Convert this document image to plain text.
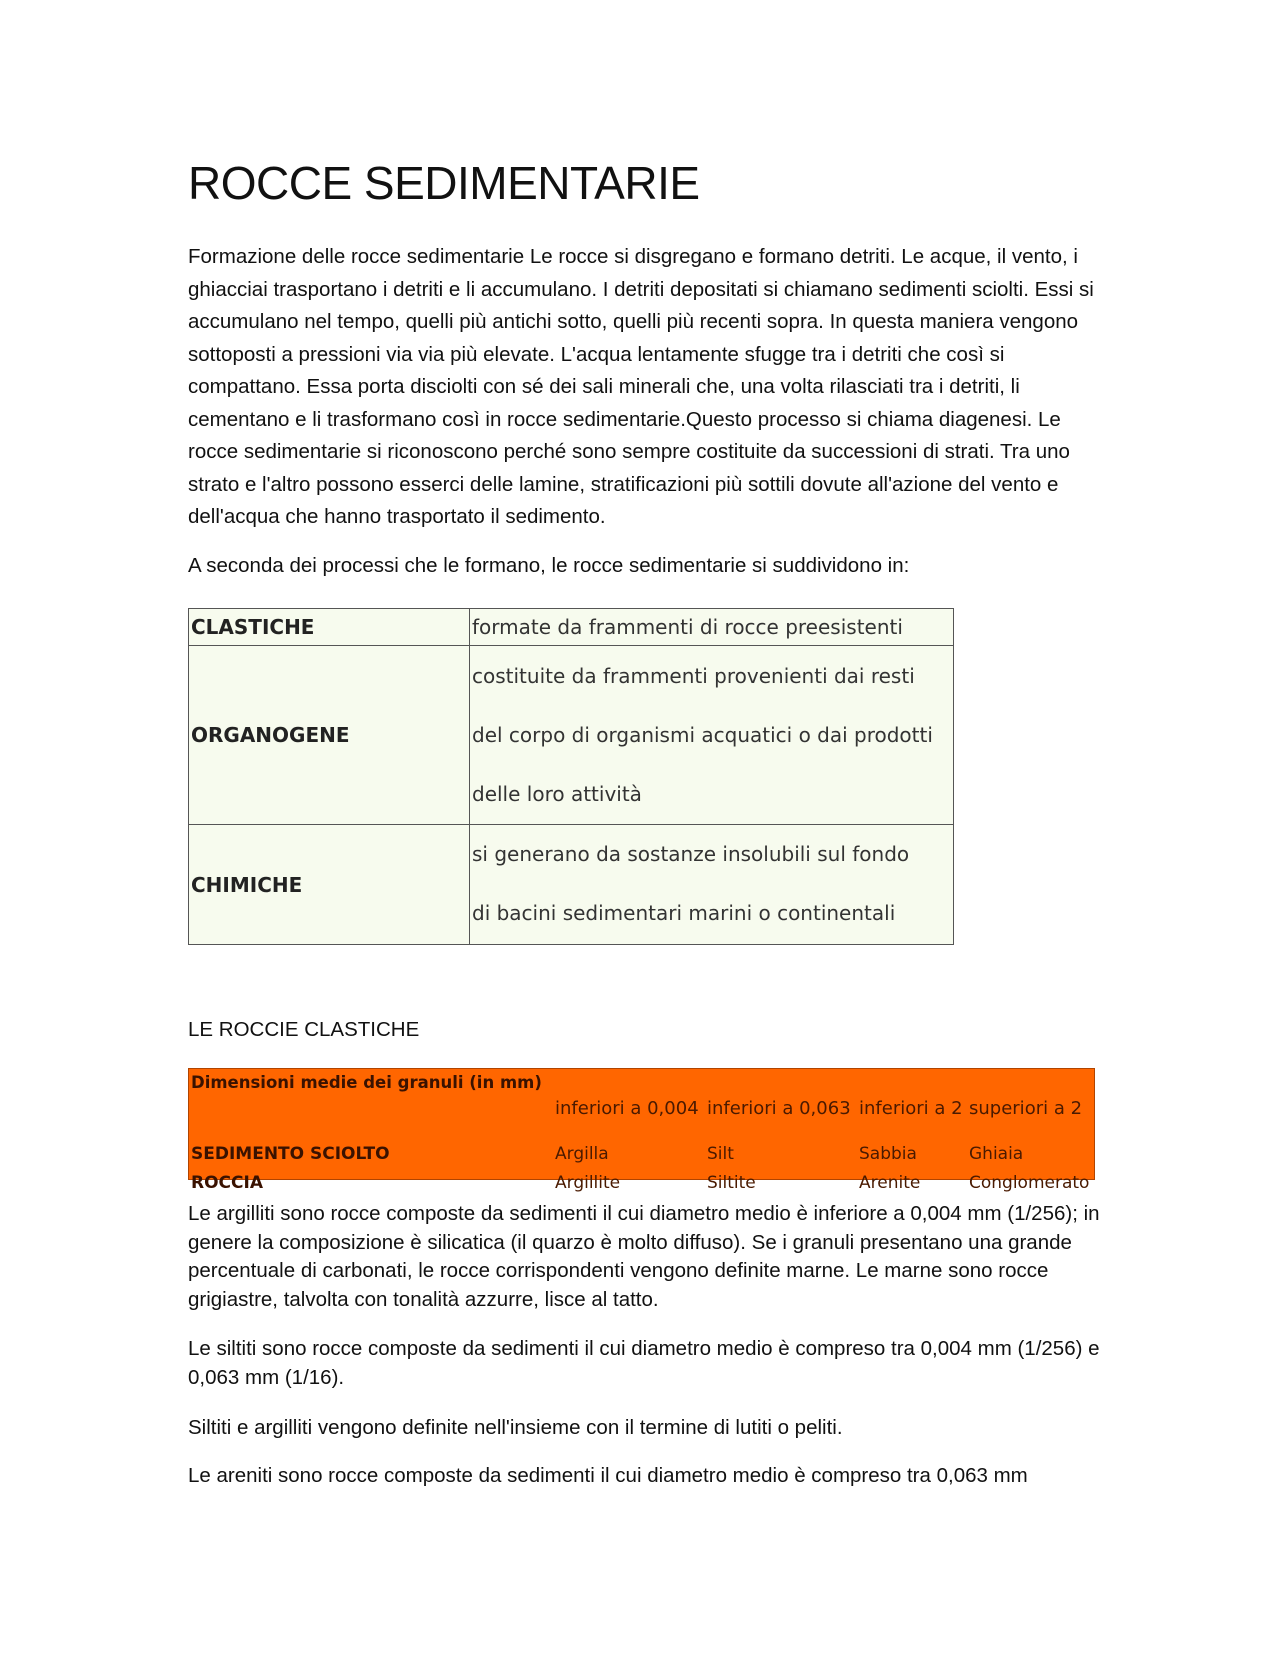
ROCCE SEDIMENTARIE

Formazione delle rocce sedimentarie Le rocce si disgregano e formano detriti. Le acque, il vento, i ghiacciai trasportano i detriti e li accumulano. I detriti depositati si chiamano sedimenti sciolti. Essi si accumulano nel tempo, quelli più antichi sotto, quelli più recenti sopra. In questa maniera vengono sottoposti a pressioni via via più elevate. L'acqua lentamente sfugge tra i detriti che così si compattano. Essa porta disciolti con sé dei sali minerali che, una volta rilasciati tra i detriti, li cementano e li trasformano così in rocce sedimentarie.Questo processo si chiama diagenesi. Le rocce sedimentarie si riconoscono perché sono sempre costituite da successioni di strati. Tra uno strato e l'altro possono esserci delle lamine, stratificazioni più sottili dovute all'azione del vento e dell'acqua che hanno trasportato il sedimento.

A seconda dei processi che le formano, le rocce sedimentarie si suddividono in:

CLASTICHE	formate da frammenti di rocce preesistenti

ORGANOGENE	costituite da frammenti provenienti dai resti
del corpo di organismi acquatici o dai prodotti
delle loro attività

CHIMICHE	si generano da sostanze insolubili sul fondo
di bacini sedimentari marini o continentali
LE ROCCIE CLASTICHE
Dimensioni medie dei granuli (in mm)	inferiori a 0,004	inferiori a 0,063	inferiori a 2	superiori a 2
SEDIMENTO SCIOLTO	Argilla	Silt	Sabbia	Ghiaia
ROCCIA	Argillite	Siltite	Arenite	Conglomerato

Le argilliti sono rocce composte da sedimenti il cui diametro medio è inferiore a 0,004 mm (1/256); in genere la composizione è silicatica (il quarzo è molto diffuso). Se i granuli presentano una grande percentuale di carbonati, le rocce corrispondenti vengono definite marne. Le marne sono rocce grigiastre, talvolta con tonalità azzurre, lisce al tatto.

Le siltiti sono rocce composte da sedimenti il cui diametro medio è compreso tra 0,004 mm (1/256) e 0,063 mm (1/16).

Siltiti e argilliti vengono definite nell'insieme con il termine di lutiti o peliti.

Le areniti sono rocce composte da sedimenti il cui diametro medio è compreso tra 0,063 mm
